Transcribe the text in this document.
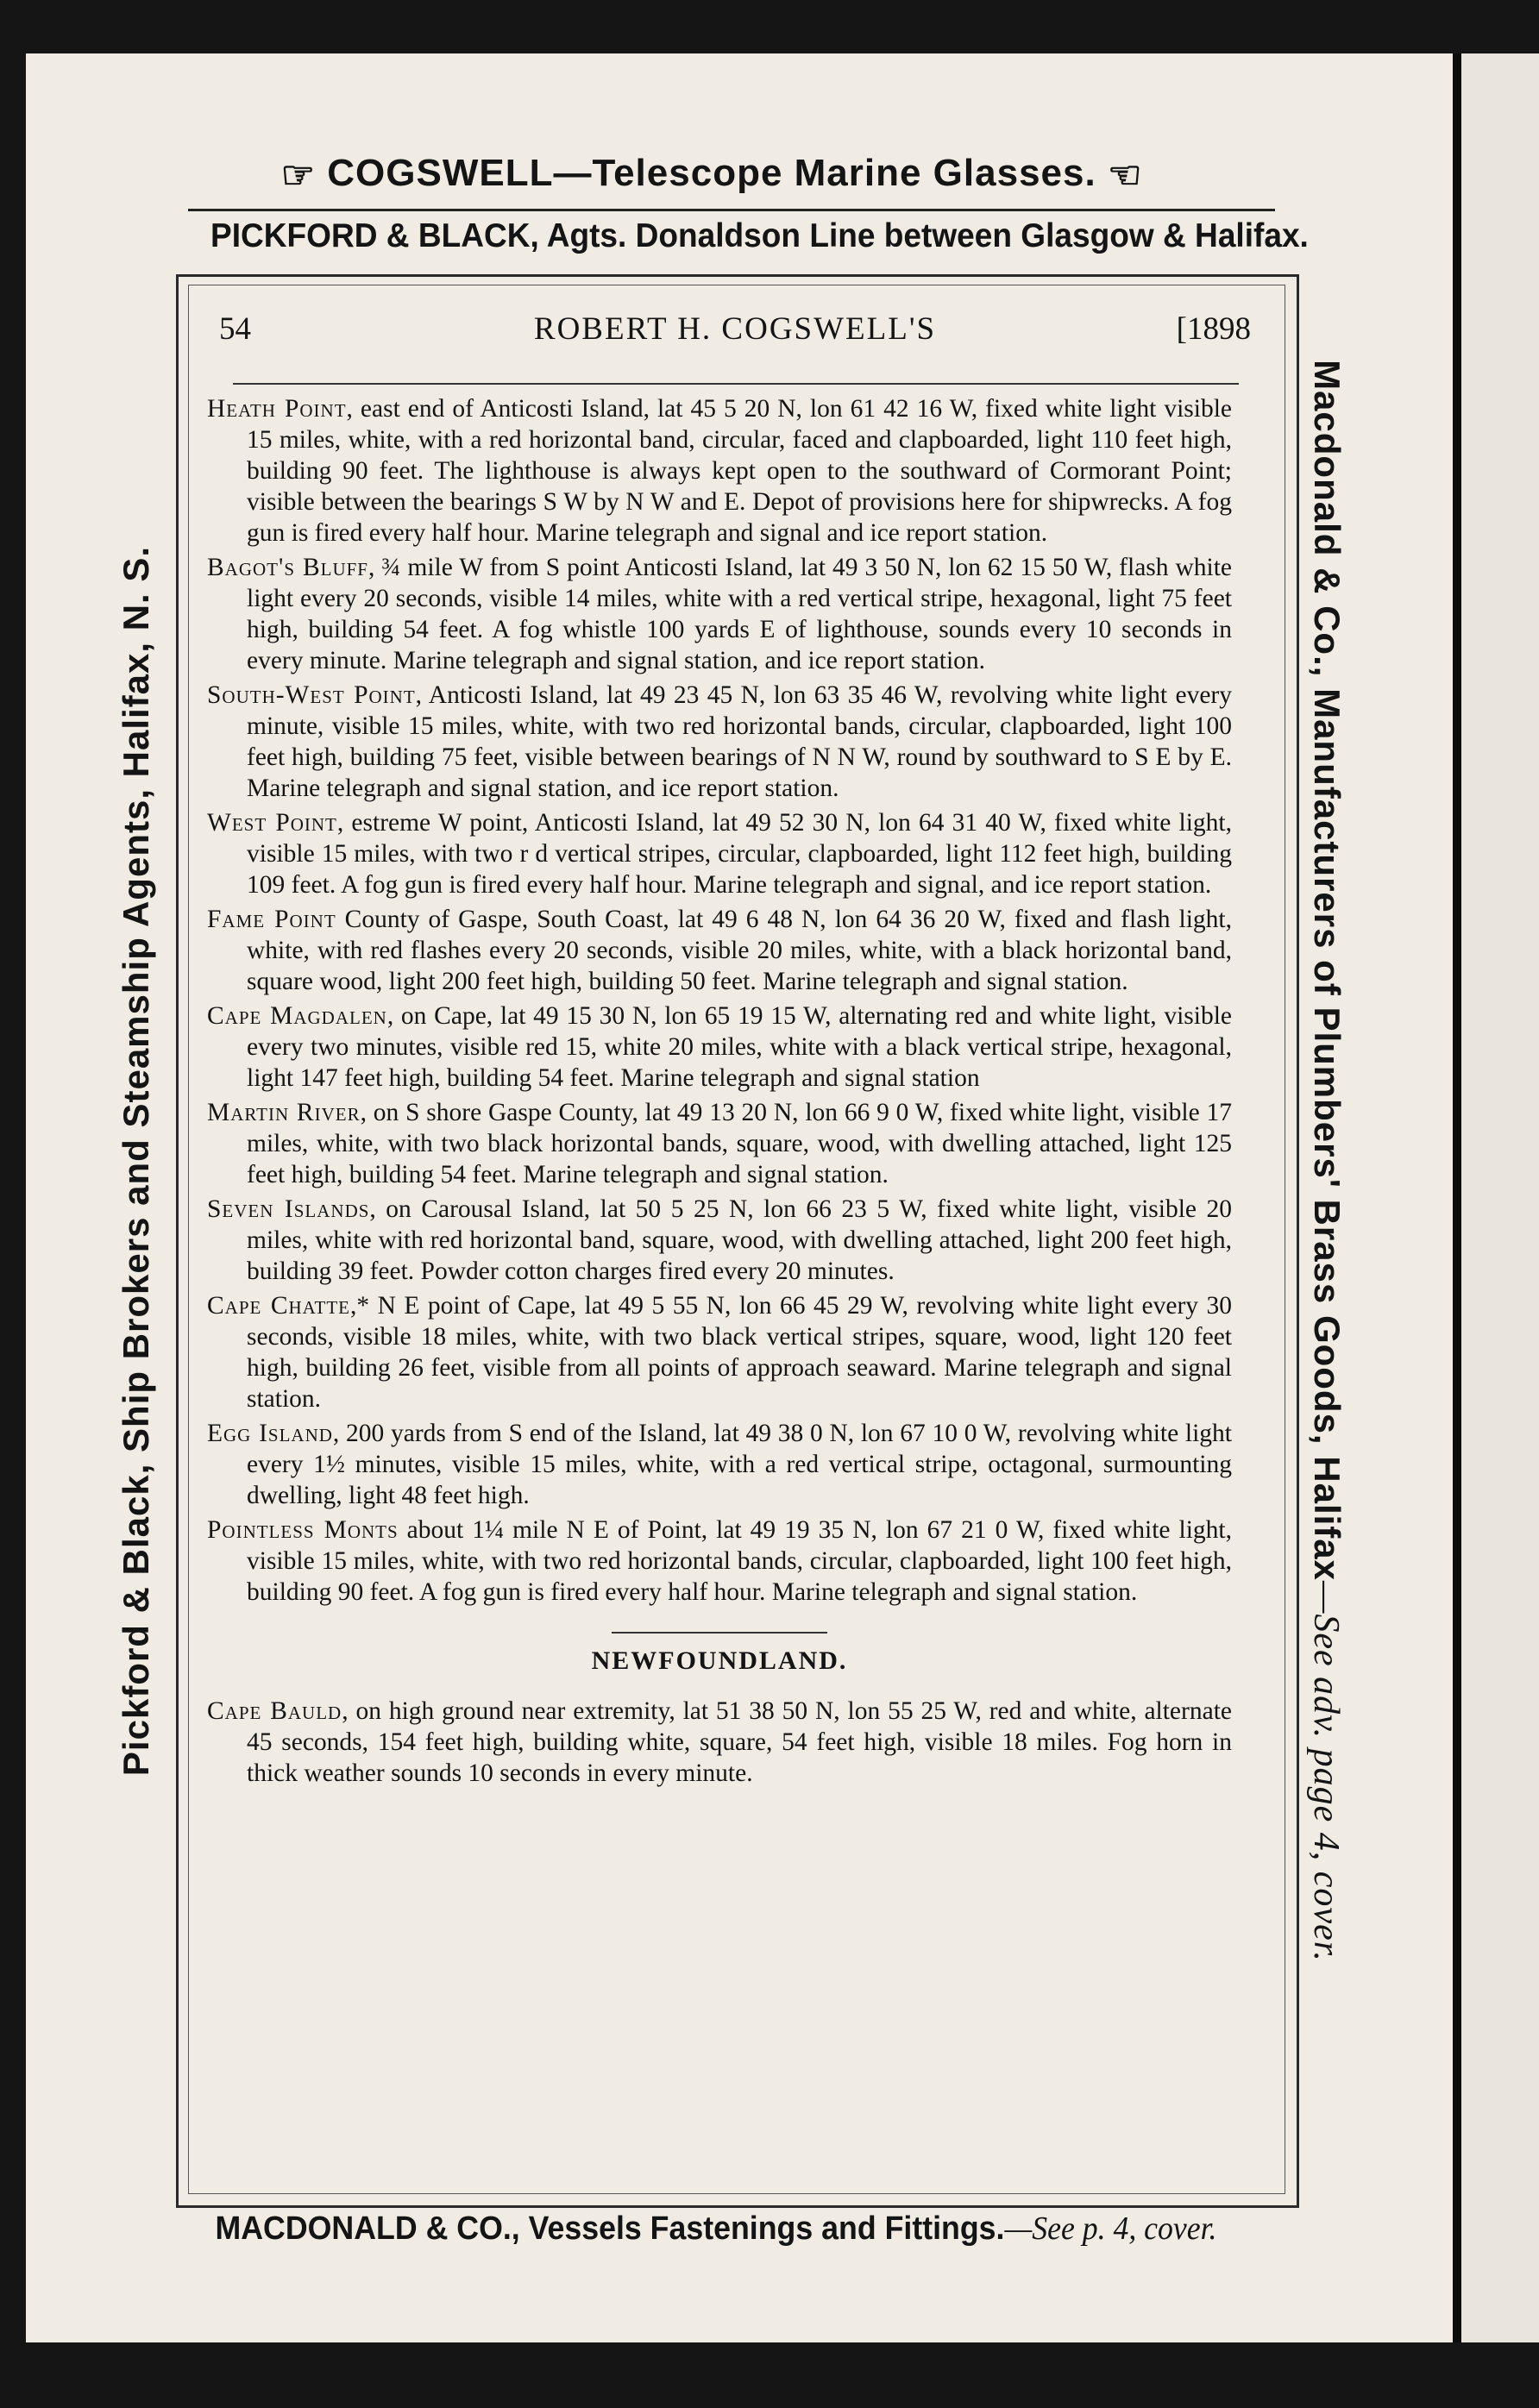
☞ COGSWELL—Telescope Marine Glasses. ☜
PICKFORD & BLACK, Agts. Donaldson Line between Glasgow & Halifax.
Pickford & Black, Ship Brokers and Steamship Agents, Halifax, N. S.	Macdonald & Co., Manufacturers of Plumbers' Brass Goods, Halifax—See adv. page 4, cover.
54	ROBERT H. COGSWELL'S	[1898

Heath Point, east end of Anticosti Island, lat 45 5 20 N, lon 61 42 16 W, fixed white light visible 15 miles, white, with a red horizontal band, circular, faced and clapboarded, light 110 feet high, building 90 feet. The lighthouse is always kept open to the southward of Cormorant Point; visible between the bearings S W by N W and E. Depot of provisions here for shipwrecks. A fog gun is fired every half hour. Marine telegraph and signal and ice report station.

Bagot's Bluff, ¾ mile W from S point Anticosti Island, lat 49 3 50 N, lon 62 15 50 W, flash white light every 20 seconds, visible 14 miles, white with a red vertical stripe, hexagonal, light 75 feet high, building 54 feet. A fog whistle 100 yards E of lighthouse, sounds every 10 seconds in every minute. Marine telegraph and signal station, and ice report station.

South-West Point, Anticosti Island, lat 49 23 45 N, lon 63 35 46 W, revolving white light every minute, visible 15 miles, white, with two red horizontal bands, circular, clapboarded, light 100 feet high, building 75 feet, visible between bearings of N N W, round by southward to S E by E. Marine telegraph and signal station, and ice report station.

West Point, estreme W point, Anticosti Island, lat 49 52 30 N, lon 64 31 40 W, fixed white light, visible 15 miles, with two r d vertical stripes, circular, clapboarded, light 112 feet high, building 109 feet. A fog gun is fired every half hour. Marine telegraph and signal, and ice report station.

Fame Point County of Gaspe, South Coast, lat 49 6 48 N, lon 64 36 20 W, fixed and flash light, white, with red flashes every 20 seconds, visible 20 miles, white, with a black horizontal band, square wood, light 200 feet high, building 50 feet. Marine telegraph and signal station.

Cape Magdalen, on Cape, lat 49 15 30 N, lon 65 19 15 W, alternating red and white light, visible every two minutes, visible red 15, white 20 miles, white with a black vertical stripe, hexagonal, light 147 feet high, building 54 feet. Marine telegraph and signal station

Martin River, on S shore Gaspe County, lat 49 13 20 N, lon 66 9 0 W, fixed white light, visible 17 miles, white, with two black horizontal bands, square, wood, with dwelling attached, light 125 feet high, building 54 feet. Marine telegraph and signal station.

Seven Islands, on Carousal Island, lat 50 5 25 N, lon 66 23 5 W, fixed white light, visible 20 miles, white with red horizontal band, square, wood, with dwelling attached, light 200 feet high, building 39 feet. Powder cotton charges fired every 20 minutes.

Cape Chatte,* N E point of Cape, lat 49 5 55 N, lon 66 45 29 W, revolving white light every 30 seconds, visible 18 miles, white, with two black vertical stripes, square, wood, light 120 feet high, building 26 feet, visible from all points of approach seaward. Marine telegraph and signal station.

Egg Island, 200 yards from S end of the Island, lat 49 38 0 N, lon 67 10 0 W, revolving white light every 1½ minutes, visible 15 miles, white, with a red vertical stripe, octagonal, surmounting dwelling, light 48 feet high.

Pointless Monts about 1¼ mile N E of Point, lat 49 19 35 N, lon 67 21 0 W, fixed white light, visible 15 miles, white, with two red horizontal bands, circular, clapboarded, light 100 feet high, building 90 feet. A fog gun is fired every half hour. Marine telegraph and signal station.

NEWFOUNDLAND.

Cape Bauld, on high ground near extremity, lat 51 38 50 N, lon 55 25 W, red and white, alternate 45 seconds, 154 feet high, building white, square, 54 feet high, visible 18 miles. Fog horn in thick weather sounds 10 seconds in every minute.

MACDONALD & CO., Vessels Fastenings and Fittings.—See p. 4, cover.
